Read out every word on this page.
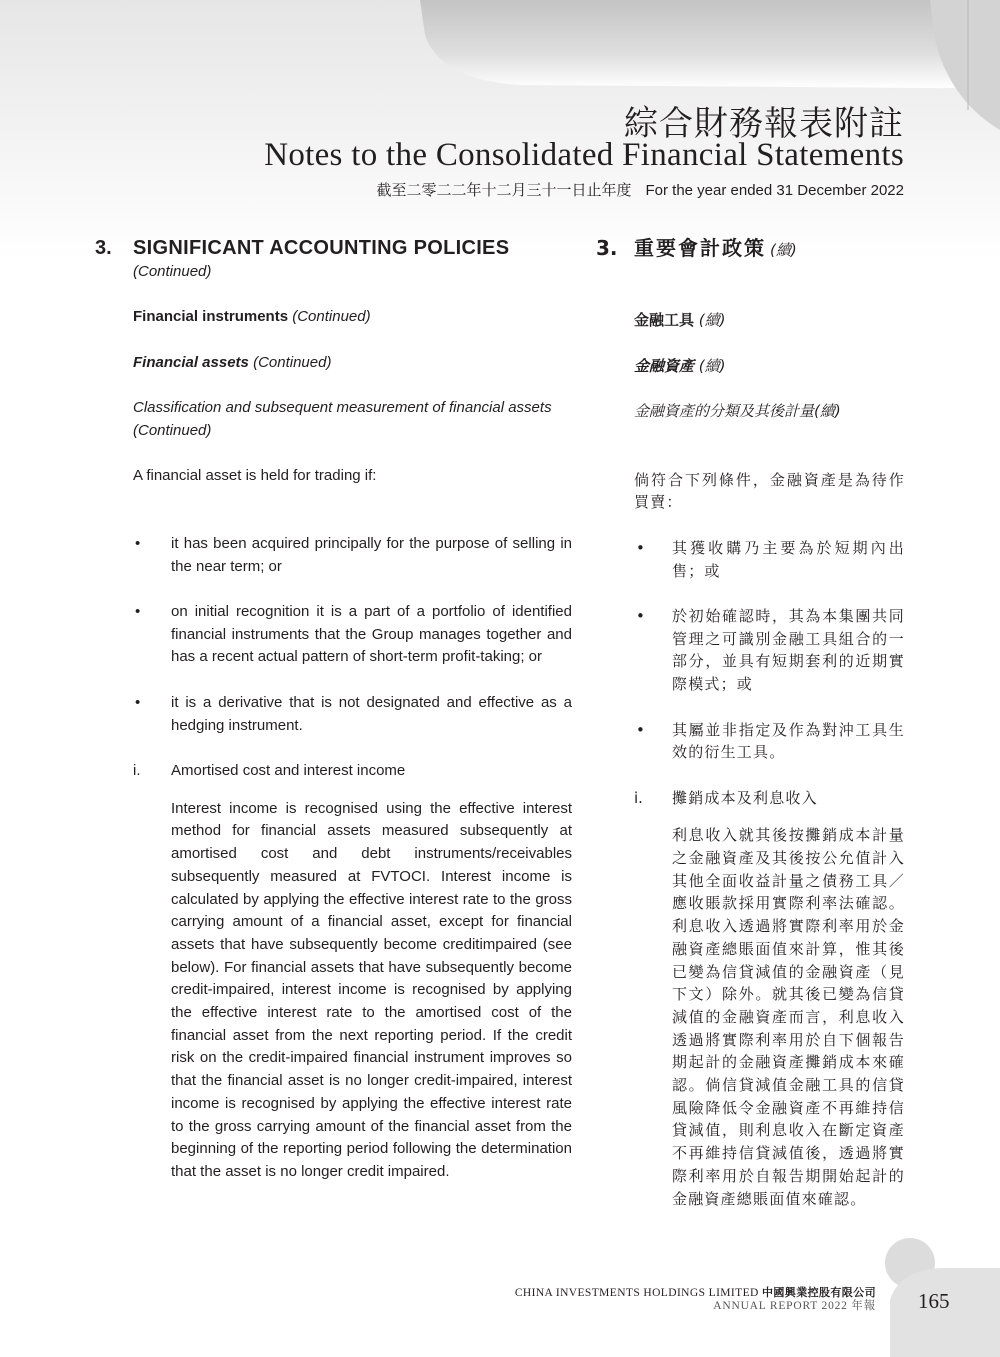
綜合財務報表附註
Notes to the Consolidated Financial Statements
截至二零二二年十二月三十一日止年度 For the year ended 31 December 2022
3.	SIGNIFICANT ACCOUNTING POLICIES
(Continued)
Financial instruments (Continued)
Financial assets (Continued)
Classification and subsequent measurement of financial assets (Continued)
A financial asset is held for trading if:
•	it has been acquired principally for the purpose of selling in the near term; or
•	on initial recognition it is a part of a portfolio of identified financial instruments that the Group manages together and has a recent actual pattern of short-term profit-taking; or
•	it is a derivative that is not designated and effective as a hedging instrument.
i.	Amortised cost and interest income
Interest income is recognised using the effective interest method for financial assets measured subsequently at amortised cost and debt instruments/receivables subsequently measured at FVTOCI. Interest income is calculated by applying the effective interest rate to the gross carrying amount of a financial asset, except for financial assets that have subsequently become creditimpaired (see below). For financial assets that have subsequently become credit-impaired, interest income is recognised by applying the effective interest rate to the amortised cost of the financial asset from the next reporting period. If the credit risk on the credit-impaired financial instrument improves so that the financial asset is no longer credit-impaired, interest income is recognised by applying the effective interest rate to the gross carrying amount of the financial asset from the beginning of the reporting period following the determination that the asset is no longer credit impaired.
3. 重要會計政策 (續)
金融工具 (續)
金融資產 (續)
金融資產的分類及其後計量(續)
倘符合下列條件，金融資產是為待作買賣：
•	其獲收購乃主要為於短期內出售；或
•	於初始確認時，其為本集團共同管理之可識別金融工具組合的一部分，並具有短期套利的近期實際模式；或
•	其屬並非指定及作為對沖工具生效的衍生工具。
i.	攤銷成本及利息收入
利息收入就其後按攤銷成本計量之金融資產及其後按公允值計入其他全面收益計量之債務工具／應收賬款採用實際利率法確認。利息收入透過將實際利率用於金融資產總賬面值來計算，惟其後已變為信貸減值的金融資產（見下文）除外。就其後已變為信貸減值的金融資產而言，利息收入透過將實際利率用於自下個報告期起計的金融資產攤銷成本來確認。倘信貸減值金融工具的信貸風險降低令金融資產不再維持信貸減值，則利息收入在斷定資產不再維持信貸減值後，透過將實際利率用於自報告期開始起計的金融資產總賬面值來確認。
CHINA INVESTMENTS HOLDINGS LIMITED 中國興業控股有限公司
ANNUAL REPORT 2022 年報 165
